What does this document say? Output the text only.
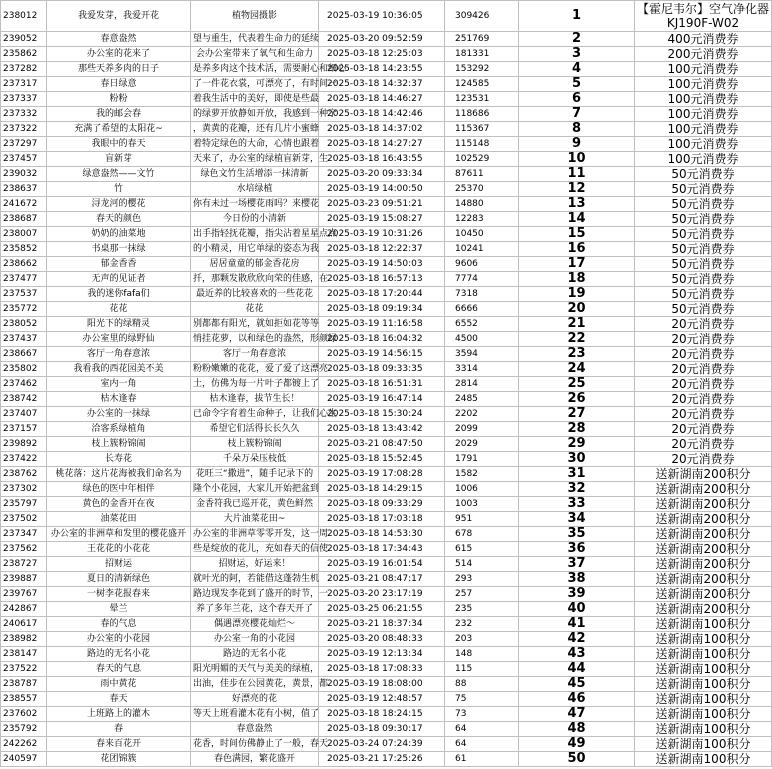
238012	我爱发芽，我爱开花	植物园摄影	2025-03-19 10:36:05	309426	1	【霍尼韦尔】空气净化器 KJ190F-W02
239052	春意盎然	望与重生，代表着生命力的延续	2025-03-20 09:52:59	251769	2	400元消费券
235862	办公室的花来了	会办公室带来了氧气和生命力	2025-03-18 12:25:03	181331	3	200元消费券
237282	那些天养多肉的日子	是养多肉这个技术活，需要耐心和细心	2025-03-18 14:23:55	153292	4	100元消费券
237317	春日绿意	了一件花衣裳，可漂亮了，有时间一	2025-03-18 14:32:37	124585	5	100元消费券
237337	粉粉	着我生活中的美好，即使是些最	2025-03-18 14:46:27	123531	6	100元消费券
237332	我的邮会春	的绿萝开放静如开放，我感到一种宁	2025-03-18 14:42:46	118686	7	100元消费券
237322	充满了希望的太阳花~	，黄黄的花瓣，还有几片小蜜蜂	2025-03-18 14:37:02	115367	8	100元消费券
237297	我眼中的春天	着特定绿色的大命，心情也跟着	2025-03-18 14:27:27	115148	9	100元消费券
237457	盲新芽	天来了，办公室的绿植盲新芽，生	2025-03-18 16:43:55	102529	10	100元消费券
239032	绿意盎然——文竹	绿色文竹生活增添一抹清新	2025-03-20 09:33:34	87611	11	50元消费券
238637	竹	水培绿植	2025-03-19 14:00:50	25370	12	50元消费券
241672	浔龙河的樱花	你有未过一场樱花雨吗？来樱花	2025-03-23 09:51:21	14880	13	50元消费券
238687	春天的颜色	今日份的小清新	2025-03-19 15:08:27	12283	14	50元消费券
238007	奶奶的油菜地	出手指轻抚花瓣，指尖沾着星星点点	2025-03-19 10:31:26	10450	15	50元消费券
235852	书桌那一抹绿	的小精灵，用它单绿的姿态为我	2025-03-18 12:22:37	10241	16	50元消费券
238662	郁金香香	居居童童的郁金香花房	2025-03-19 14:50:03	9606	17	50元消费券
237477	无声的见证者	扦，那颗发散欣欣向荣的佳感，在	2025-03-18 16:57:13	7774	18	50元消费券
237537	我的迷你fafa们	最近养的比较喜欢的一些花花	2025-03-18 17:20:44	7318	19	50元消费券
235772	花花	花花	2025-03-18 09:19:34	6666	20	50元消费券
238052	阳光下的绿精灵	别都都有阳光，就如拒如花等等	2025-03-19 11:16:58	6552	21	20元消费券
237437	办公室里的绿野仙	悄挂花萝，以和绿色的盎然，形颜绿	2025-03-18 16:04:32	4500	22	20元消费券
238667	客厅一角春意浓	客厅一角春意浓	2025-03-19 14:56:15	3594	23	20元消费券
235802	我看我的西花园美不美	粉粉嫩嫩的花花，爱了爱了这漂亮	2025-03-18 09:33:35	3314	24	20元消费券
237462	室内一角	土，仿佛为每一片叶子都镀上了	2025-03-18 16:51:31	2814	25	20元消费券
238742	枯木逢春	枯木逢春，拔节生长！	2025-03-19 16:47:14	2485	26	20元消费券
237407	办公室的一抹绿	已命令字育着生命种子，让我们心生	2025-03-18 15:30:24	2202	27	20元消费券
237157	洽客系绿植角	希望它们活得长长久久	2025-03-18 13:43:42	2099	28	20元消费券
239892	枝上簇粉锦闹	枝上簇粉锦闹	2025-03-21 08:47:50	2029	29	20元消费券
237422	长寿花	千朵万朵压枝低	2025-03-18 15:52:45	1791	30	20元消费券
238762	桃花落：这片花海被我们命名为	花旺三“撒进”，随手记录下的	2025-03-19 17:08:28	1582	31	送新湖南200积分
237302	绿色的医中年相伴	隆个小花园，大家儿开始把盆到	2025-03-18 14:29:15	1006	32	送新湖南200积分
235797	黄色的金香开在夜	金香符我已巡开花，黄色鲜然	2025-03-18 09:33:29	1003	33	送新湖南200积分
237502	油菜花田	大片油菜花田~	2025-03-18 17:03:18	951	34	送新湖南200积分
237347	办公室的非洲草和发里的樱花盛开	办公室的非洲草零零开发，这一周	2025-03-18 14:53:30	678	35	送新湖南200积分
237562	王花花的小花花	些是绽放的花儿，充如春天的信使	2025-03-18 17:34:43	615	36	送新湖南200积分
238727	招财运	招财运，好运来！	2025-03-19 16:01:54	514	37	送新湖南200积分
239887	夏日的清新绿色	就叶光的阿，若能借这蓬勃生机	2025-03-21 08:47:17	293	38	送新湖南200积分
239767	一树李花报春来	路边现发李花到了盛开的时节，一	2025-03-20 23:17:19	257	39	送新湖南200积分
242867	晕兰	养了多年兰花，这个春天开了	2025-03-25 06:21:55	235	40	送新湖南200积分
240617	春的气息	偶遇漂亮樱花灿烂～	2025-03-21 18:37:34	232	41	送新湖南100积分
238982	办公室的小花园	办公室一角的小花园	2025-03-20 08:48:33	203	42	送新湖南100积分
238147	路边的无名小花	路边的无名小花	2025-03-19 12:13:34	148	43	送新湖南100积分
237522	春天的气息	阳光明媚的天气与美美的绿植，	2025-03-18 17:08:33	115	44	送新湖南100积分
238787	雨中黄花	出油，佳步在公园黄花，黄景，都	2025-03-19 18:08:00	88	45	送新湖南100积分
238557	春天	好漂亮的花	2025-03-19 12:48:57	75	46	送新湖南100积分
237602	上班路上的灌木	等天上班看灌木花有小树，值了	2025-03-18 18:24:15	73	47	送新湖南100积分
235792	春	春意盎然	2025-03-18 09:30:17	64	48	送新湖南100积分
242262	春来百花开	花香，时间仿佛静止了一般，春天	2025-03-24 07:24:39	64	49	送新湖南100积分
240597	花团锦簇	春色满园，繁花盛开	2025-03-21 17:25:26	61	50	送新湖南100积分
